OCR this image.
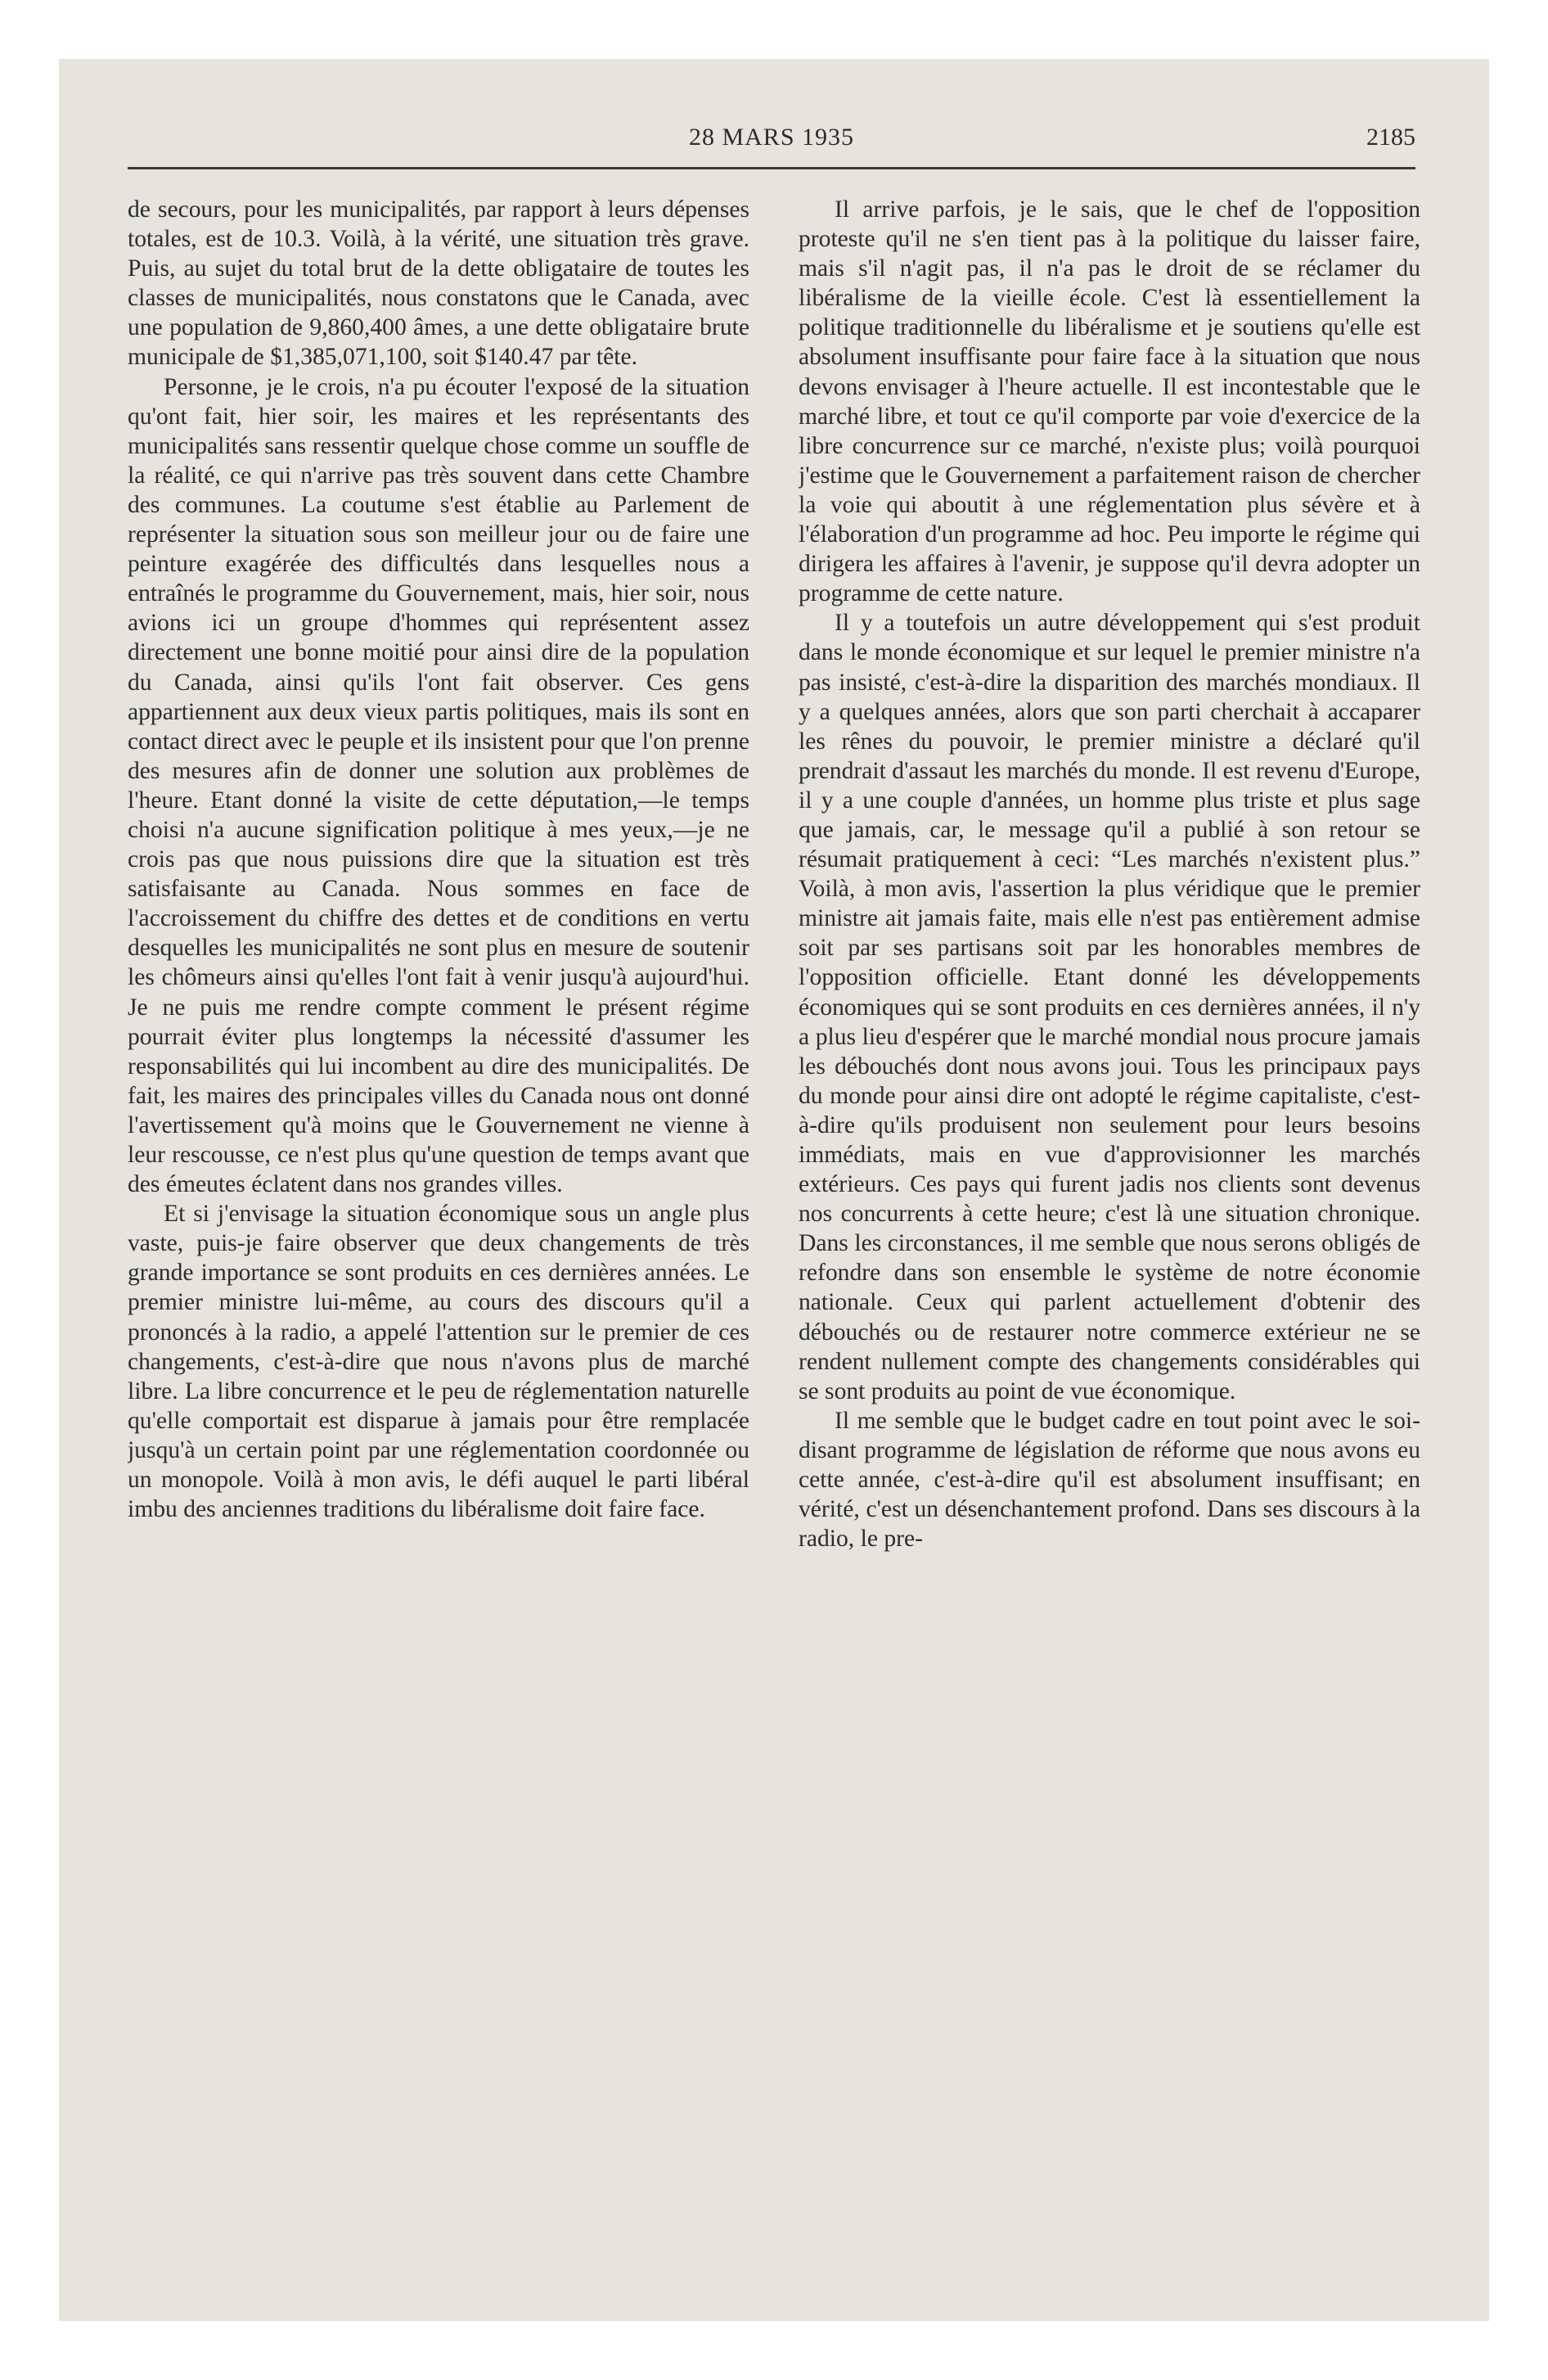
28 MARS 1935	2185

de secours, pour les municipalités, par rapport à leurs dépenses totales, est de 10.3. Voilà, à la vérité, une situation très grave. Puis, au sujet du total brut de la dette obligataire de toutes les classes de municipalités, nous constatons que le Canada, avec une population de 9,860,400 âmes, a une dette obligataire brute municipale de $1,385,071,100, soit $140.47 par tête.

Personne, je le crois, n'a pu écouter l'exposé de la situation qu'ont fait, hier soir, les maires et les représentants des municipalités sans ressentir quelque chose comme un souffle de la réalité, ce qui n'arrive pas très souvent dans cette Chambre des communes. La coutume s'est établie au Parlement de représenter la situation sous son meilleur jour ou de faire une peinture exagérée des difficultés dans lesquelles nous a entraînés le programme du Gouvernement, mais, hier soir, nous avions ici un groupe d'hommes qui représentent assez directement une bonne moitié pour ainsi dire de la population du Canada, ainsi qu'ils l'ont fait observer. Ces gens appartiennent aux deux vieux partis politiques, mais ils sont en contact direct avec le peuple et ils insistent pour que l'on prenne des mesures afin de donner une solution aux problèmes de l'heure. Etant donné la visite de cette députation,—le temps choisi n'a aucune signification politique à mes yeux,—je ne crois pas que nous puissions dire que la situation est très satisfaisante au Canada. Nous sommes en face de l'accroissement du chiffre des dettes et de conditions en vertu desquelles les municipalités ne sont plus en mesure de soutenir les chômeurs ainsi qu'elles l'ont fait à venir jusqu'à aujourd'hui. Je ne puis me rendre compte comment le présent régime pourrait éviter plus longtemps la nécessité d'assumer les responsabilités qui lui incombent au dire des municipalités. De fait, les maires des principales villes du Canada nous ont donné l'avertissement qu'à moins que le Gouvernement ne vienne à leur rescousse, ce n'est plus qu'une question de temps avant que des émeutes éclatent dans nos grandes villes.

Et si j'envisage la situation économique sous un angle plus vaste, puis-je faire observer que deux changements de très grande importance se sont produits en ces dernières années. Le premier ministre lui-même, au cours des discours qu'il a prononcés à la radio, a appelé l'attention sur le premier de ces changements, c'est-à-dire que nous n'avons plus de marché libre. La libre concurrence et le peu de réglementation naturelle qu'elle comportait est disparue à jamais pour être remplacée jusqu'à un certain point par une réglementation coordonnée ou un monopole. Voilà à mon avis, le défi auquel le parti libéral imbu des anciennes traditions du libéralisme doit faire face.

Il arrive parfois, je le sais, que le chef de l'opposition proteste qu'il ne s'en tient pas à la politique du laisser faire, mais s'il n'agit pas, il n'a pas le droit de se réclamer du libéralisme de la vieille école. C'est là essentiellement la politique traditionnelle du libéralisme et je soutiens qu'elle est absolument insuffisante pour faire face à la situation que nous devons envisager à l'heure actuelle. Il est incontestable que le marché libre, et tout ce qu'il comporte par voie d'exercice de la libre concurrence sur ce marché, n'existe plus; voilà pourquoi j'estime que le Gouvernement a parfaitement raison de chercher la voie qui aboutit à une réglementation plus sévère et à l'élaboration d'un programme ad hoc. Peu importe le régime qui dirigera les affaires à l'avenir, je suppose qu'il devra adopter un programme de cette nature.

Il y a toutefois un autre développement qui s'est produit dans le monde économique et sur lequel le premier ministre n'a pas insisté, c'est-à-dire la disparition des marchés mondiaux. Il y a quelques années, alors que son parti cherchait à accaparer les rênes du pouvoir, le premier ministre a déclaré qu'il prendrait d'assaut les marchés du monde. Il est revenu d'Europe, il y a une couple d'années, un homme plus triste et plus sage que jamais, car, le message qu'il a publié à son retour se résumait pratiquement à ceci: “Les marchés n'existent plus.” Voilà, à mon avis, l'assertion la plus véridique que le premier ministre ait jamais faite, mais elle n'est pas entièrement admise soit par ses partisans soit par les honorables membres de l'opposition officielle. Etant donné les développements économiques qui se sont produits en ces dernières années, il n'y a plus lieu d'espérer que le marché mondial nous procure jamais les débouchés dont nous avons joui. Tous les principaux pays du monde pour ainsi dire ont adopté le régime capitaliste, c'est-à-dire qu'ils produisent non seulement pour leurs besoins immédiats, mais en vue d'approvisionner les marchés extérieurs. Ces pays qui furent jadis nos clients sont devenus nos concurrents à cette heure; c'est là une situation chronique. Dans les circonstances, il me semble que nous serons obligés de refondre dans son ensemble le système de notre économie nationale. Ceux qui parlent actuellement d'obtenir des débouchés ou de restaurer notre commerce extérieur ne se rendent nullement compte des changements considérables qui se sont produits au point de vue économique.

Il me semble que le budget cadre en tout point avec le soi-disant programme de législation de réforme que nous avons eu cette année, c'est-à-dire qu'il est absolument insuffisant; en vérité, c'est un désenchantement profond. Dans ses discours à la radio, le pre-
